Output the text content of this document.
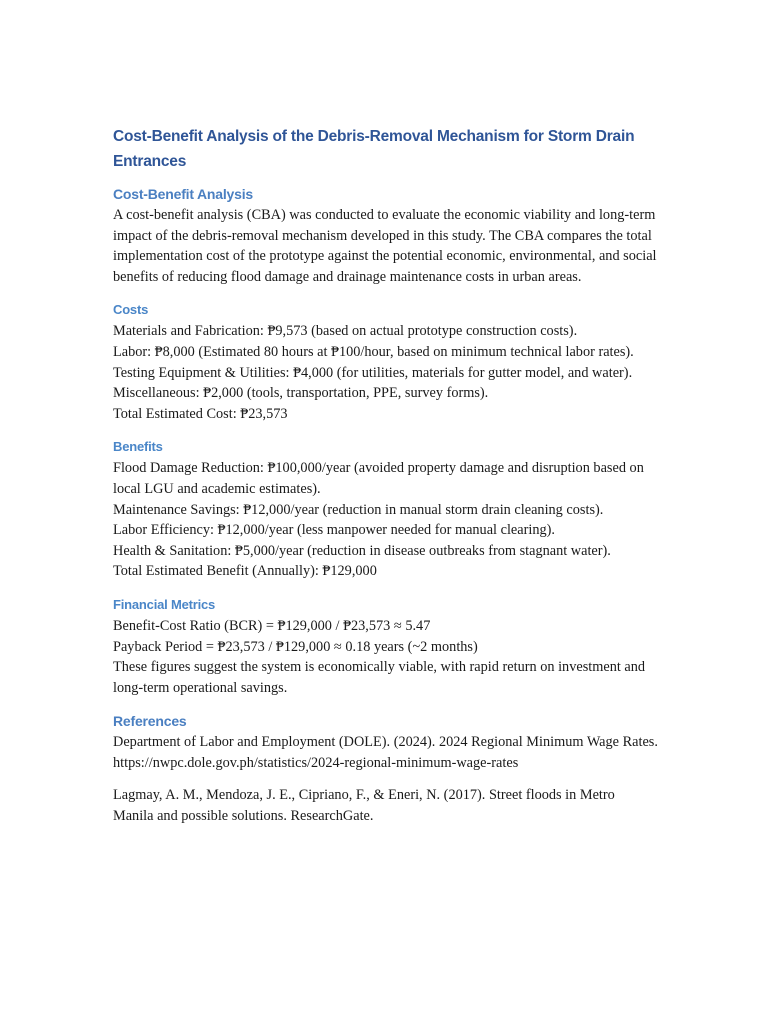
Cost-Benefit Analysis of the Debris-Removal Mechanism for Storm Drain Entrances
Cost-Benefit Analysis

A cost-benefit analysis (CBA) was conducted to evaluate the economic viability and long-term impact of the debris-removal mechanism developed in this study. The CBA compares the total implementation cost of the prototype against the potential economic, environmental, and social benefits of reducing flood damage and drainage maintenance costs in urban areas.

Costs
Materials and Fabrication: ₱9,573 (based on actual prototype construction costs).
Labor: ₱8,000 (Estimated 80 hours at ₱100/hour, based on minimum technical labor rates).
Testing Equipment & Utilities: ₱4,000 (for utilities, materials for gutter model, and water).
Miscellaneous: ₱2,000 (tools, transportation, PPE, survey forms).
Total Estimated Cost: ₱23,573
Benefits
Flood Damage Reduction: ₱100,000/year (avoided property damage and disruption based on local LGU and academic estimates).
Maintenance Savings: ₱12,000/year (reduction in manual storm drain cleaning costs).
Labor Efficiency: ₱12,000/year (less manpower needed for manual clearing).
Health & Sanitation: ₱5,000/year (reduction in disease outbreaks from stagnant water).
Total Estimated Benefit (Annually): ₱129,000
Financial Metrics
Benefit-Cost Ratio (BCR) = ₱129,000 / ₱23,573 ≈ 5.47
Payback Period = ₱23,573 / ₱129,000 ≈ 0.18 years (~2 months)
These figures suggest the system is economically viable, with rapid return on investment and long-term operational savings.
References

Department of Labor and Employment (DOLE). (2024). 2024 Regional Minimum Wage Rates. https://nwpc.dole.gov.ph/statistics/2024-regional-minimum-wage-rates

Lagmay, A. M., Mendoza, J. E., Cipriano, F., & Eneri, N. (2017). Street floods in Metro Manila and possible solutions. ResearchGate.
